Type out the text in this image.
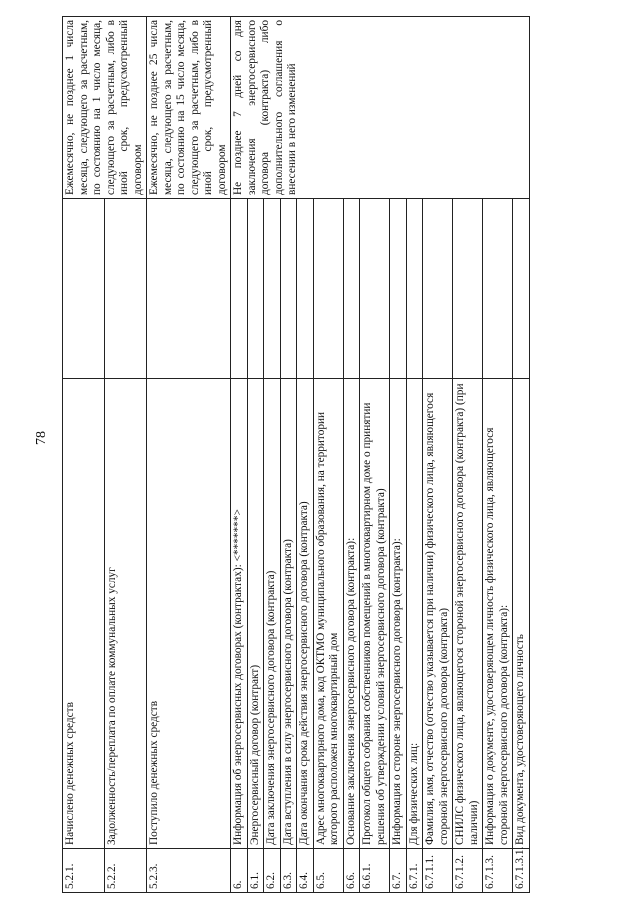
78
5.2.1.	Начислено денежных средств		Ежемесячно, не позднее 1 числа месяца, следующего за расчетным, по состоянию на 1 число месяца, следующего за расчетным, либо в иной срок, предусмотренный договором
5.2.2.	Задолженность/переплата по оплате коммунальных услуг		
5.2.3.	Поступило денежных средств		Ежемесячно, не позднее 25 числа месяца, следующего за расчетным, по состоянию на 15 число месяца, следующего за расчетным, либо в иной срок, предусмотренный договором
6.	Информация об энергосервисных договорах (контрактах): <*******>		Не позднее 7 дней со дня заключения энергосервисного договора (контракта) либо дополнительного соглашения о внесении в него изменений
6.1.	Энергосервисный договор (контракт)		
6.2.	Дата заключения энергосервисного договора (контракта)		
6.3.	Дата вступления в силу энергосервисного договора (контракта)		
6.4.	Дата окончания срока действия энергосервисного договора (контракта)		
6.5.	Адрес многоквартирного дома, код ОКТМО муниципального образования, на территории которого расположен многоквартирный дом		
6.6.	Основание заключения энергосервисного договора (контракта):		
6.6.1.	Протокол общего собрания собственников помещений в многоквартирном доме о принятии решения об утверждении условий энергосервисного договора (контракта)		
6.7.	Информация о стороне энергосервисного договора (контракта):		
6.7.1.	Для физических лиц:		
6.7.1.1.	Фамилия, имя, отчество (отчество указывается при наличии) физического лица, являющегося стороной энергосервисного договора (контракта)		
6.7.1.2.	СНИЛС физического лица, являющегося стороной энергосервисного договора (контракта) (при наличии)		
6.7.1.3.	Информация о документе, удостоверяющем личность физического лица, являющегося стороной энергосервисного договора (контракта):		
6.7.1.3.1.	Вид документа, удостоверяющего личность		
